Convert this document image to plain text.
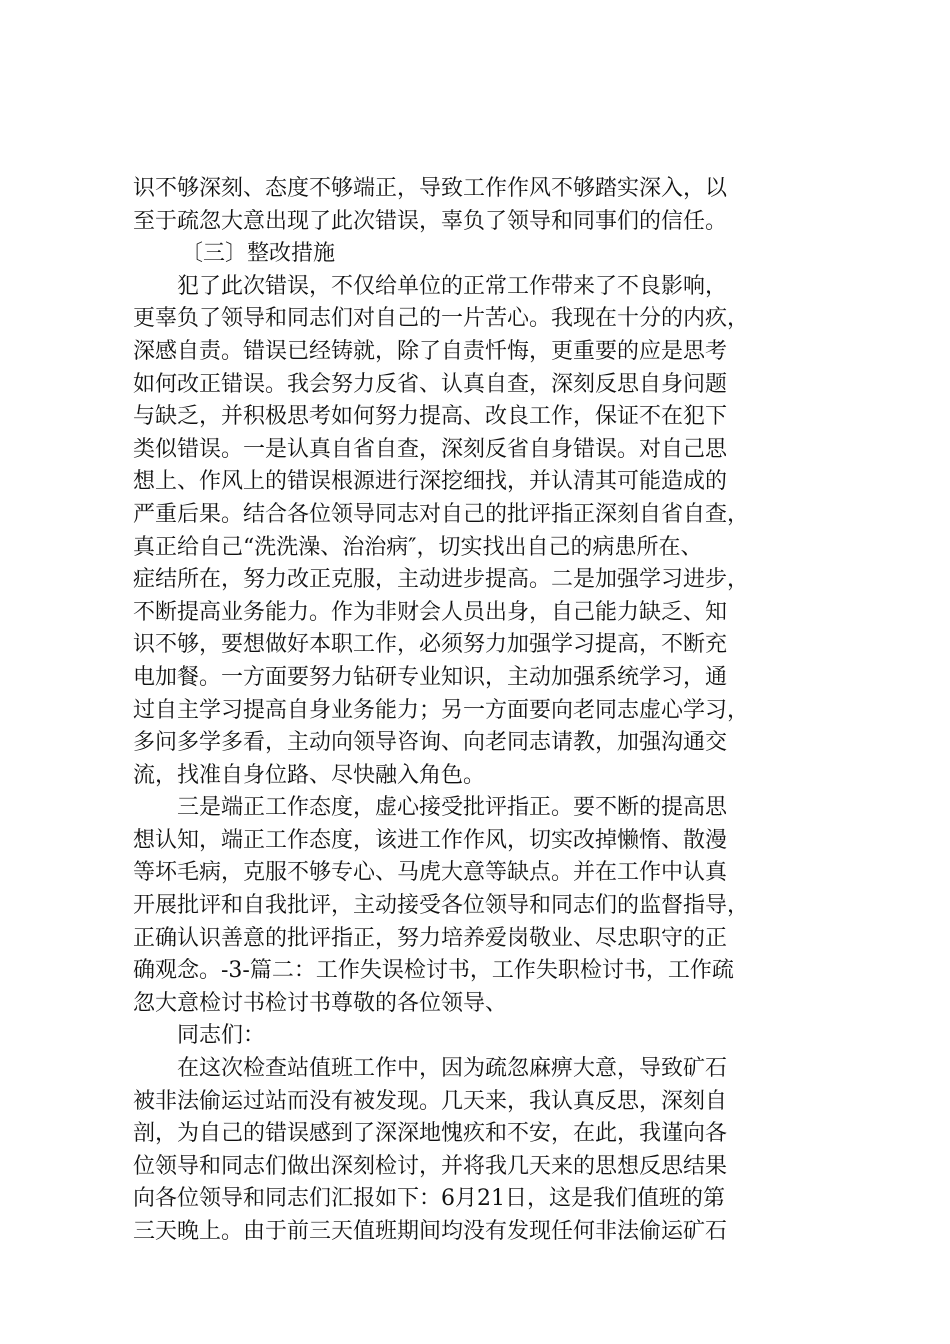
识不够深刻、态度不够端正，导致工作作风不够踏实深入，以
至于疏忽大意出现了此次错误，辜负了领导和同事们的信任。
〔三〕整改措施
犯了此次错误，不仅给单位的正常工作带来了不良影响，
更辜负了领导和同志们对自己的一片苦心。我现在十分的内疚，
深感自责。错误已经铸就，除了自责忏悔，更重要的应是思考
如何改正错误。我会努力反省、认真自查，深刻反思自身问题
与缺乏，并积极思考如何努力提高、改良工作，保证不在犯下
类似错误。一是认真自省自查，深刻反省自身错误。对自己思
想上、作风上的错误根源进行深挖细找，并认清其可能造成的
严重后果。结合各位领导同志对自己的批评指正深刻自省自查，
真正给自己“洗洗澡、治治病″，切实找出自己的病患所在、
症结所在，努力改正克服，主动进步提高。二是加强学习进步，
不断提高业务能力。作为非财会人员出身，自己能力缺乏、知
识不够，要想做好本职工作，必须努力加强学习提高，不断充
电加餐。一方面要努力钻研专业知识，主动加强系统学习，通
过自主学习提高自身业务能力；另一方面要向老同志虚心学习，
多问多学多看，主动向领导咨询、向老同志请教，加强沟通交
流，找准自身位路、尽快融入角色。
三是端正工作态度，虚心接受批评指正。要不断的提高思
想认知，端正工作态度，该进工作作风，切实改掉懒惰、散漫
等坏毛病，克服不够专心、马虎大意等缺点。并在工作中认真
开展批评和自我批评，主动接受各位领导和同志们的监督指导，
正确认识善意的批评指正，努力培养爱岗敬业、尽忠职守的正
确观念。-3-篇二：工作失误检讨书，工作失职检讨书，工作疏
忽大意检讨书检讨书尊敬的各位领导、
同志们：
在这次检查站值班工作中，因为疏忽麻痹大意，导致矿石
被非法偷运过站而没有被发现。几天来，我认真反思，深刻自
剖，为自己的错误感到了深深地愧疚和不安，在此，我谨向各
位领导和同志们做出深刻检讨，并将我几天来的思想反思结果
向各位领导和同志们汇报如下：6月21日，这是我们值班的第
三天晚上。由于前三天值班期间均没有发现任何非法偷运矿石
